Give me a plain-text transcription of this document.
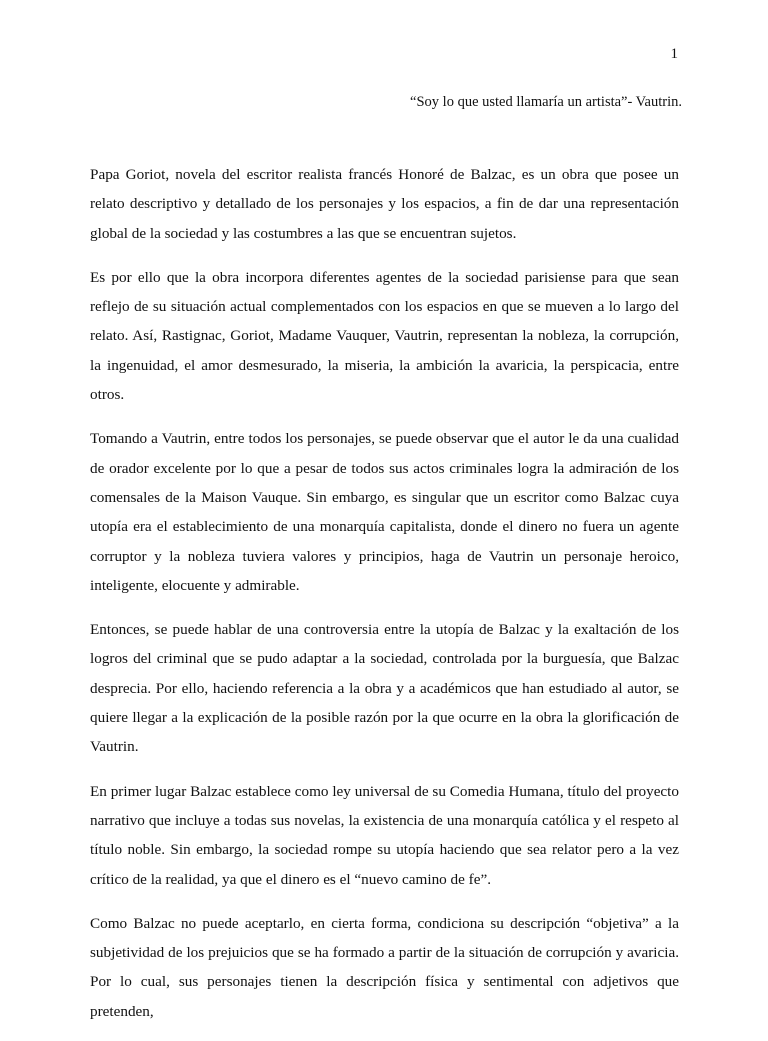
1
“Soy lo que usted llamaría un artista”- Vautrin.

Papa Goriot, novela del escritor realista francés Honoré de Balzac, es un obra que posee un relato descriptivo y detallado de los personajes y los espacios, a fin de dar una representación global de la sociedad y las costumbres a las que se encuentran sujetos.

Es por ello que la obra incorpora diferentes agentes de la sociedad parisiense para que sean reflejo de su situación actual complementados con los espacios en que se mueven a lo largo del relato. Así, Rastignac, Goriot, Madame Vauquer, Vautrin, representan la nobleza, la corrupción, la ingenuidad, el amor desmesurado, la miseria, la ambición la avaricia, la perspicacia, entre otros.

Tomando a Vautrin, entre todos los personajes, se puede observar que el autor le da una cualidad de orador excelente por lo que a pesar de todos sus actos criminales logra la admiración de los comensales de la Maison Vauque. Sin embargo, es singular que un escritor como Balzac cuya utopía era el establecimiento de una monarquía capitalista, donde el dinero no fuera un agente corruptor y la nobleza tuviera valores y principios, haga de Vautrin un personaje heroico, inteligente, elocuente y admirable.

Entonces, se puede hablar de una controversia entre la utopía de Balzac y la exaltación de los logros del criminal que se pudo adaptar a la sociedad, controlada por la burguesía, que Balzac desprecia. Por ello, haciendo referencia a la obra y a académicos que han estudiado al autor, se quiere llegar a la explicación de la posible razón por la que ocurre en la obra la glorificación de Vautrin.

En primer lugar Balzac establece como ley universal de su Comedia Humana, título del proyecto narrativo que incluye a todas sus novelas, la existencia de una monarquía católica y el respeto al título noble. Sin embargo, la sociedad rompe su utopía haciendo que sea relator pero a la vez crítico de la realidad, ya que el dinero es el “nuevo camino de fe”.

Como Balzac no puede aceptarlo, en cierta forma, condiciona su descripción “objetiva” a la subjetividad de los prejuicios que se ha formado a partir de la situación de corrupción y avaricia. Por lo cual, sus personajes tienen la descripción física y sentimental con adjetivos que pretenden,
